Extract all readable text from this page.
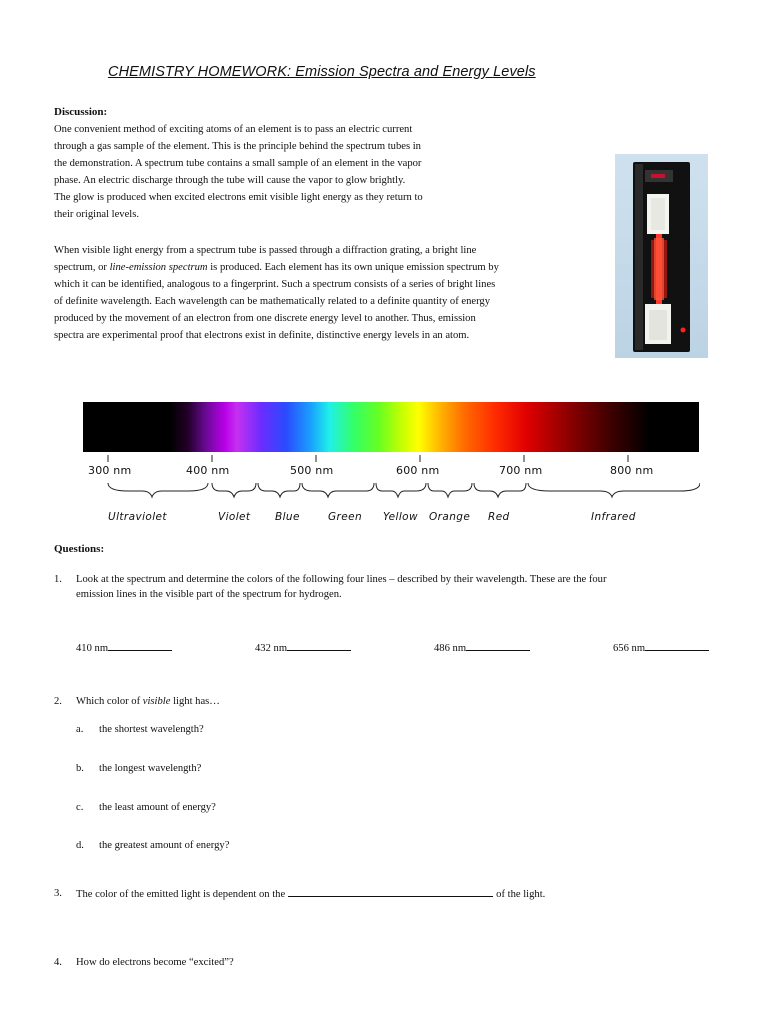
CHEMISTRY HOMEWORK: Emission Spectra and Energy Levels
Discussion:
One convenient method of exciting atoms of an element is to pass an electric current
through a gas sample of the element. This is the principle behind the spectrum tubes in
the demonstration. A spectrum tube contains a small sample of an element in the vapor
phase. An electric discharge through the tube will cause the vapor to glow brightly.
The glow is produced when excited electrons emit visible light energy as they return to
their original levels.
When visible light energy from a spectrum tube is passed through a diffraction grating, a bright line
spectrum, or line-emission spectrum is produced. Each element has its own unique emission spectrum by
which it can be identified, analogous to a fingerprint. Such a spectrum consists of a series of bright lines
of definite wavelength. Each wavelength can be mathematically related to a definite quantity of energy
produced by the movement of an electron from one discrete energy level to another. Thus, emission
spectra are experimental proof that electrons exist in definite, distinctive energy levels in an atom.
300 nm	400 nm	500 nm	600 nm	700 nm	800 nm
Ultraviolet	Violet Blue	Green Yellow Orange Red	Infrared
Questions:
1. Look at the spectrum and determine the colors of the following four lines – described by their wavelength. These are the four
emission lines in the visible part of the spectrum for hydrogen.
410 nm	432 nm	486 nm	656 nm
2. Which color of visible light has…
a. the shortest wavelength?
b. the longest wavelength?
c. the least amount of energy?
d. the greatest amount of energy?
3. The color of the emitted light is dependent on the	of the light.
4. How do electrons become “excited”?
